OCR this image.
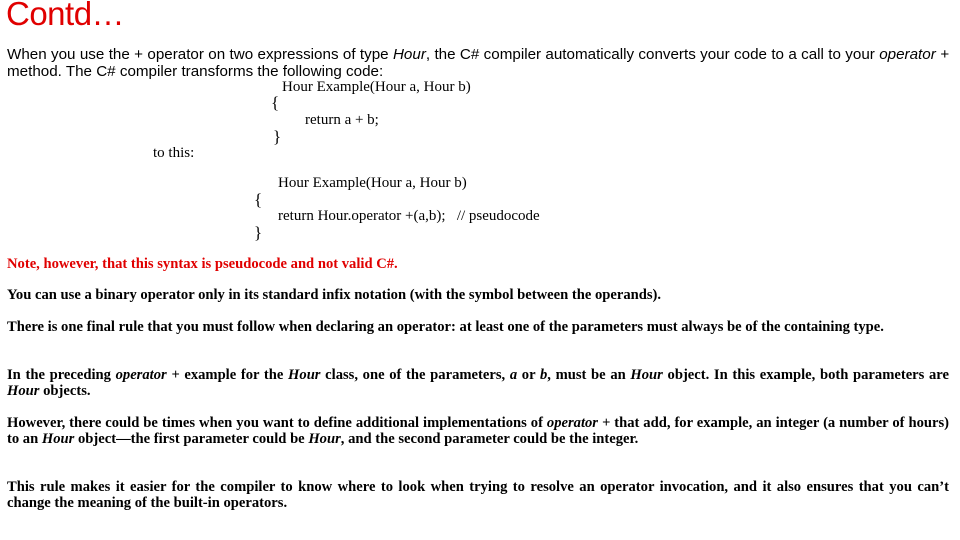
Contd…
When you use the + operator on two expressions of type Hour, the C# compiler automatically converts your code to a call to your operator + method. The C# compiler transforms the following code:
Hour Example(Hour a, Hour b)
{
return a + b;
}
to this:
Hour Example(Hour a, Hour b)
{
return Hour.operator +(a,b);   // pseudocode
}
Note, however, that this syntax is pseudocode and not valid C#.
You can use a binary operator only in its standard infix notation (with the symbol between the operands).
There is one final rule that you must follow when declaring an operator: at least one of the parameters must always be of the containing type.
In the preceding operator + example for the Hour class, one of the parameters, a or b, must be an Hour object. In this example, both parameters are Hour objects.
However, there could be times when you want to define additional implementations of operator + that add, for example, an integer (a number of hours) to an Hour object—the first parameter could be Hour, and the second parameter could be the integer.
This rule makes it easier for the compiler to know where to look when trying to resolve an operator invocation, and it also ensures that you can’t change the meaning of the built-in operators.
